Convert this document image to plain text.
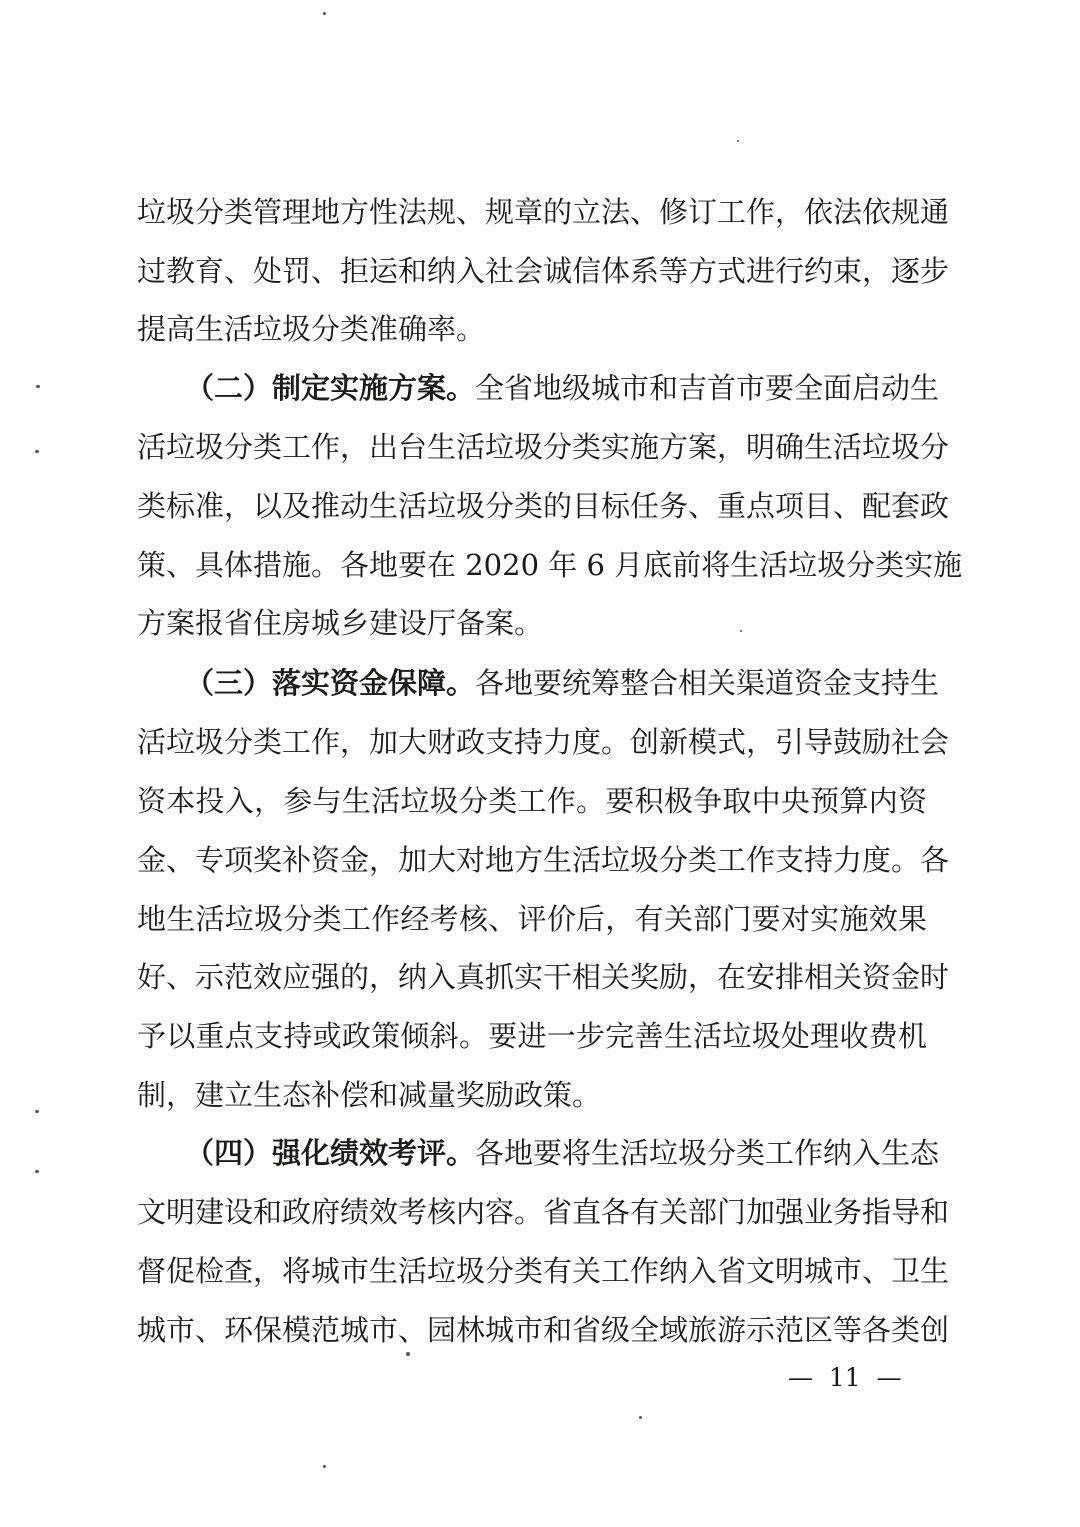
垃圾分类管理地方性法规、规章的立法、修订工作，依法依规通
过教育、处罚、拒运和纳入社会诚信体系等方式进行约束，逐步
提高生活垃圾分类准确率。
（二）制定实施方案。全省地级城市和吉首市要全面启动生
活垃圾分类工作，出台生活垃圾分类实施方案，明确生活垃圾分
类标准，以及推动生活垃圾分类的目标任务、重点项目、配套政
策、具体措施。各地要在 2020 年 6 月底前将生活垃圾分类实施
方案报省住房城乡建设厅备案。
（三）落实资金保障。各地要统筹整合相关渠道资金支持生
活垃圾分类工作，加大财政支持力度。创新模式，引导鼓励社会
资本投入，参与生活垃圾分类工作。要积极争取中央预算内资
金、专项奖补资金，加大对地方生活垃圾分类工作支持力度。各
地生活垃圾分类工作经考核、评价后，有关部门要对实施效果
好、示范效应强的，纳入真抓实干相关奖励，在安排相关资金时
予以重点支持或政策倾斜。要进一步完善生活垃圾处理收费机
制，建立生态补偿和减量奖励政策。
（四）强化绩效考评。各地要将生活垃圾分类工作纳入生态
文明建设和政府绩效考核内容。省直各有关部门加强业务指导和
督促检查，将城市生活垃圾分类有关工作纳入省文明城市、卫生
城市、环保模范城市、园林城市和省级全域旅游示范区等各类创
—  11  —
